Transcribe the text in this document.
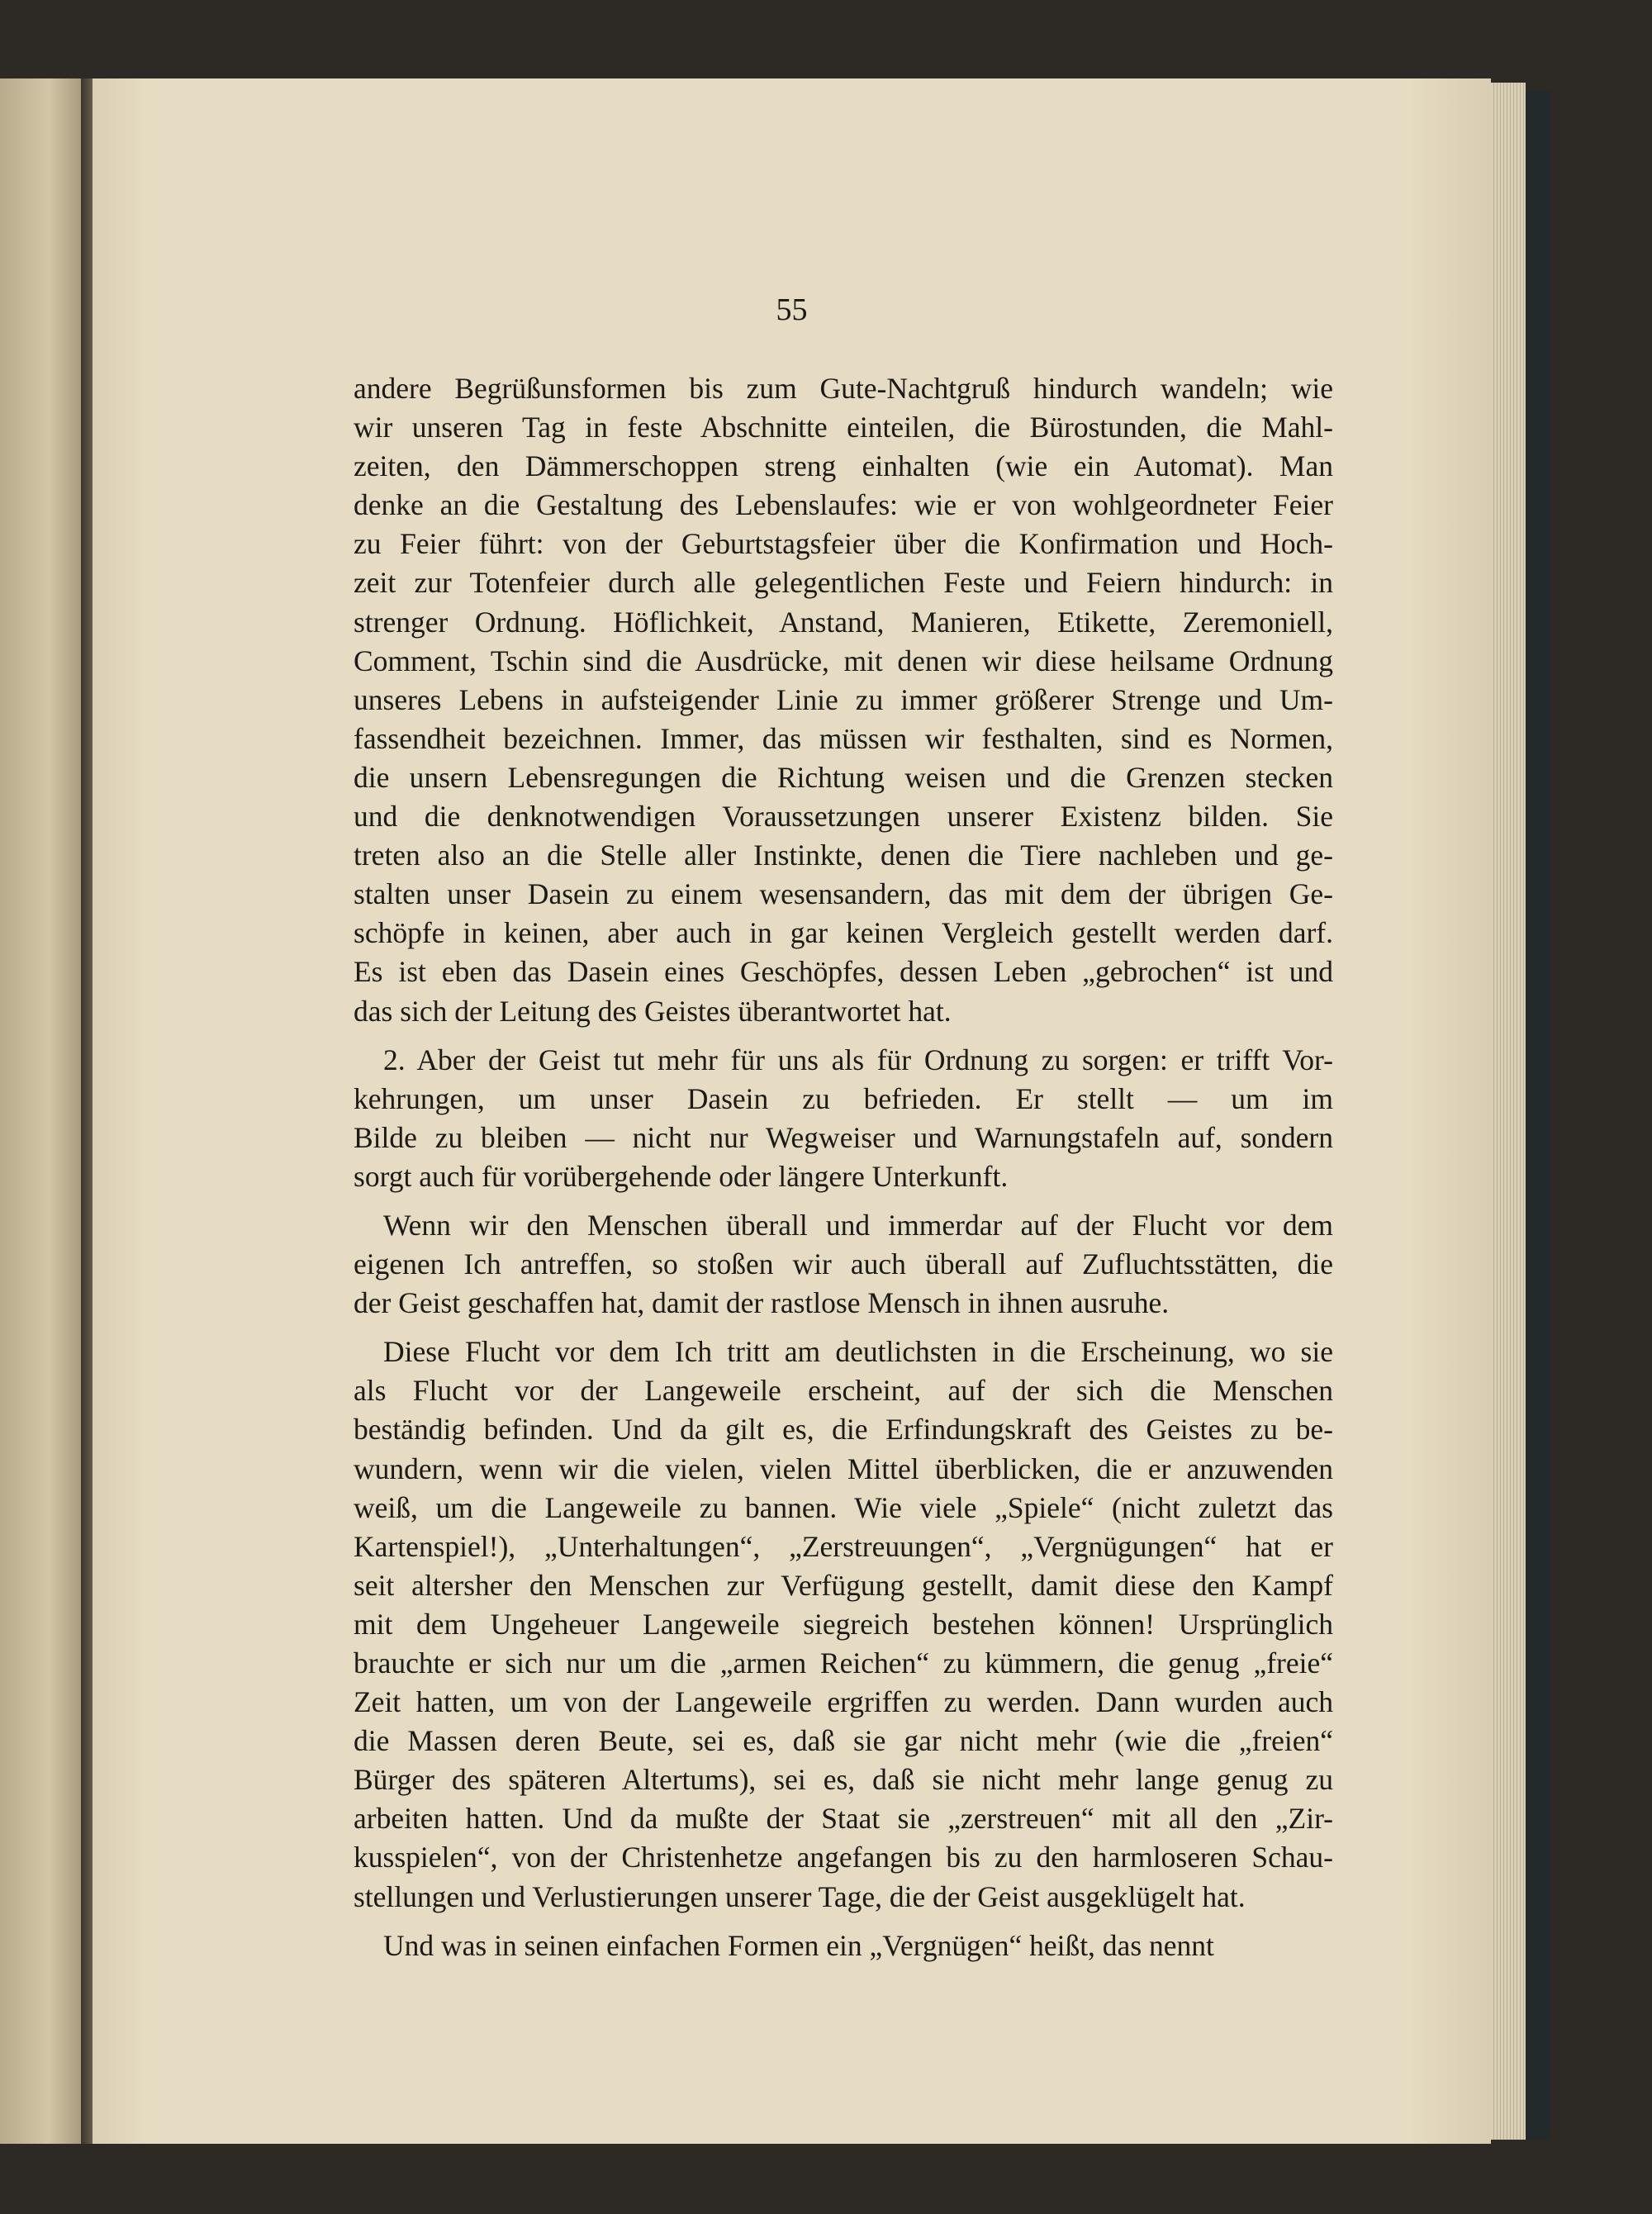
55
andere Begrüßunsformen bis zum Gute-Nachtgruß hindurch wandeln; wie
wir unseren Tag in feste Abschnitte einteilen, die Bürostunden, die Mahl-
zeiten, den Dämmerschoppen streng einhalten (wie ein Automat). Man
denke an die Gestaltung des Lebenslaufes: wie er von wohlgeordneter Feier
zu Feier führt: von der Geburtstagsfeier über die Konfirmation und Hoch-
zeit zur Totenfeier durch alle gelegentlichen Feste und Feiern hindurch: in
strenger Ordnung. Höflichkeit, Anstand, Manieren, Etikette, Zeremoniell,
Comment, Tschin sind die Ausdrücke, mit denen wir diese heilsame Ordnung
unseres Lebens in aufsteigender Linie zu immer größerer Strenge und Um-
fassendheit bezeichnen. Immer, das müssen wir festhalten, sind es Normen,
die unsern Lebensregungen die Richtung weisen und die Grenzen stecken
und die denknotwendigen Voraussetzungen unserer Existenz bilden. Sie
treten also an die Stelle aller Instinkte, denen die Tiere nachleben und ge-
stalten unser Dasein zu einem wesensandern, das mit dem der übrigen Ge-
schöpfe in keinen, aber auch in gar keinen Vergleich gestellt werden darf.
Es ist eben das Dasein eines Geschöpfes, dessen Leben „gebrochen“ ist und
das sich der Leitung des Geistes überantwortet hat.
2. Aber der Geist tut mehr für uns als für Ordnung zu sorgen: er trifft Vor-
kehrungen, um unser Dasein zu befrieden. Er stellt — um im
Bilde zu bleiben — nicht nur Wegweiser und Warnungstafeln auf, sondern
sorgt auch für vorübergehende oder längere Unterkunft.
Wenn wir den Menschen überall und immerdar auf der Flucht vor dem
eigenen Ich antreffen, so stoßen wir auch überall auf Zufluchtsstätten, die
der Geist geschaffen hat, damit der rastlose Mensch in ihnen ausruhe.
Diese Flucht vor dem Ich tritt am deutlichsten in die Erscheinung, wo sie
als Flucht vor der Langeweile erscheint, auf der sich die Menschen
beständig befinden. Und da gilt es, die Erfindungskraft des Geistes zu be-
wundern, wenn wir die vielen, vielen Mittel überblicken, die er anzuwenden
weiß, um die Langeweile zu bannen. Wie viele „Spiele“ (nicht zuletzt das
Kartenspiel!), „Unterhaltungen“, „Zerstreuungen“, „Vergnügungen“ hat er
seit altersher den Menschen zur Verfügung gestellt, damit diese den Kampf
mit dem Ungeheuer Langeweile siegreich bestehen können! Ursprünglich
brauchte er sich nur um die „armen Reichen“ zu kümmern, die genug „freie“
Zeit hatten, um von der Langeweile ergriffen zu werden. Dann wurden auch
die Massen deren Beute, sei es, daß sie gar nicht mehr (wie die „freien“
Bürger des späteren Altertums), sei es, daß sie nicht mehr lange genug zu
arbeiten hatten. Und da mußte der Staat sie „zerstreuen“ mit all den „Zir-
kusspielen“, von der Christenhetze angefangen bis zu den harmloseren Schau-
stellungen und Verlustierungen unserer Tage, die der Geist ausgeklügelt hat.
Und was in seinen einfachen Formen ein „Vergnügen“ heißt, das nennt
